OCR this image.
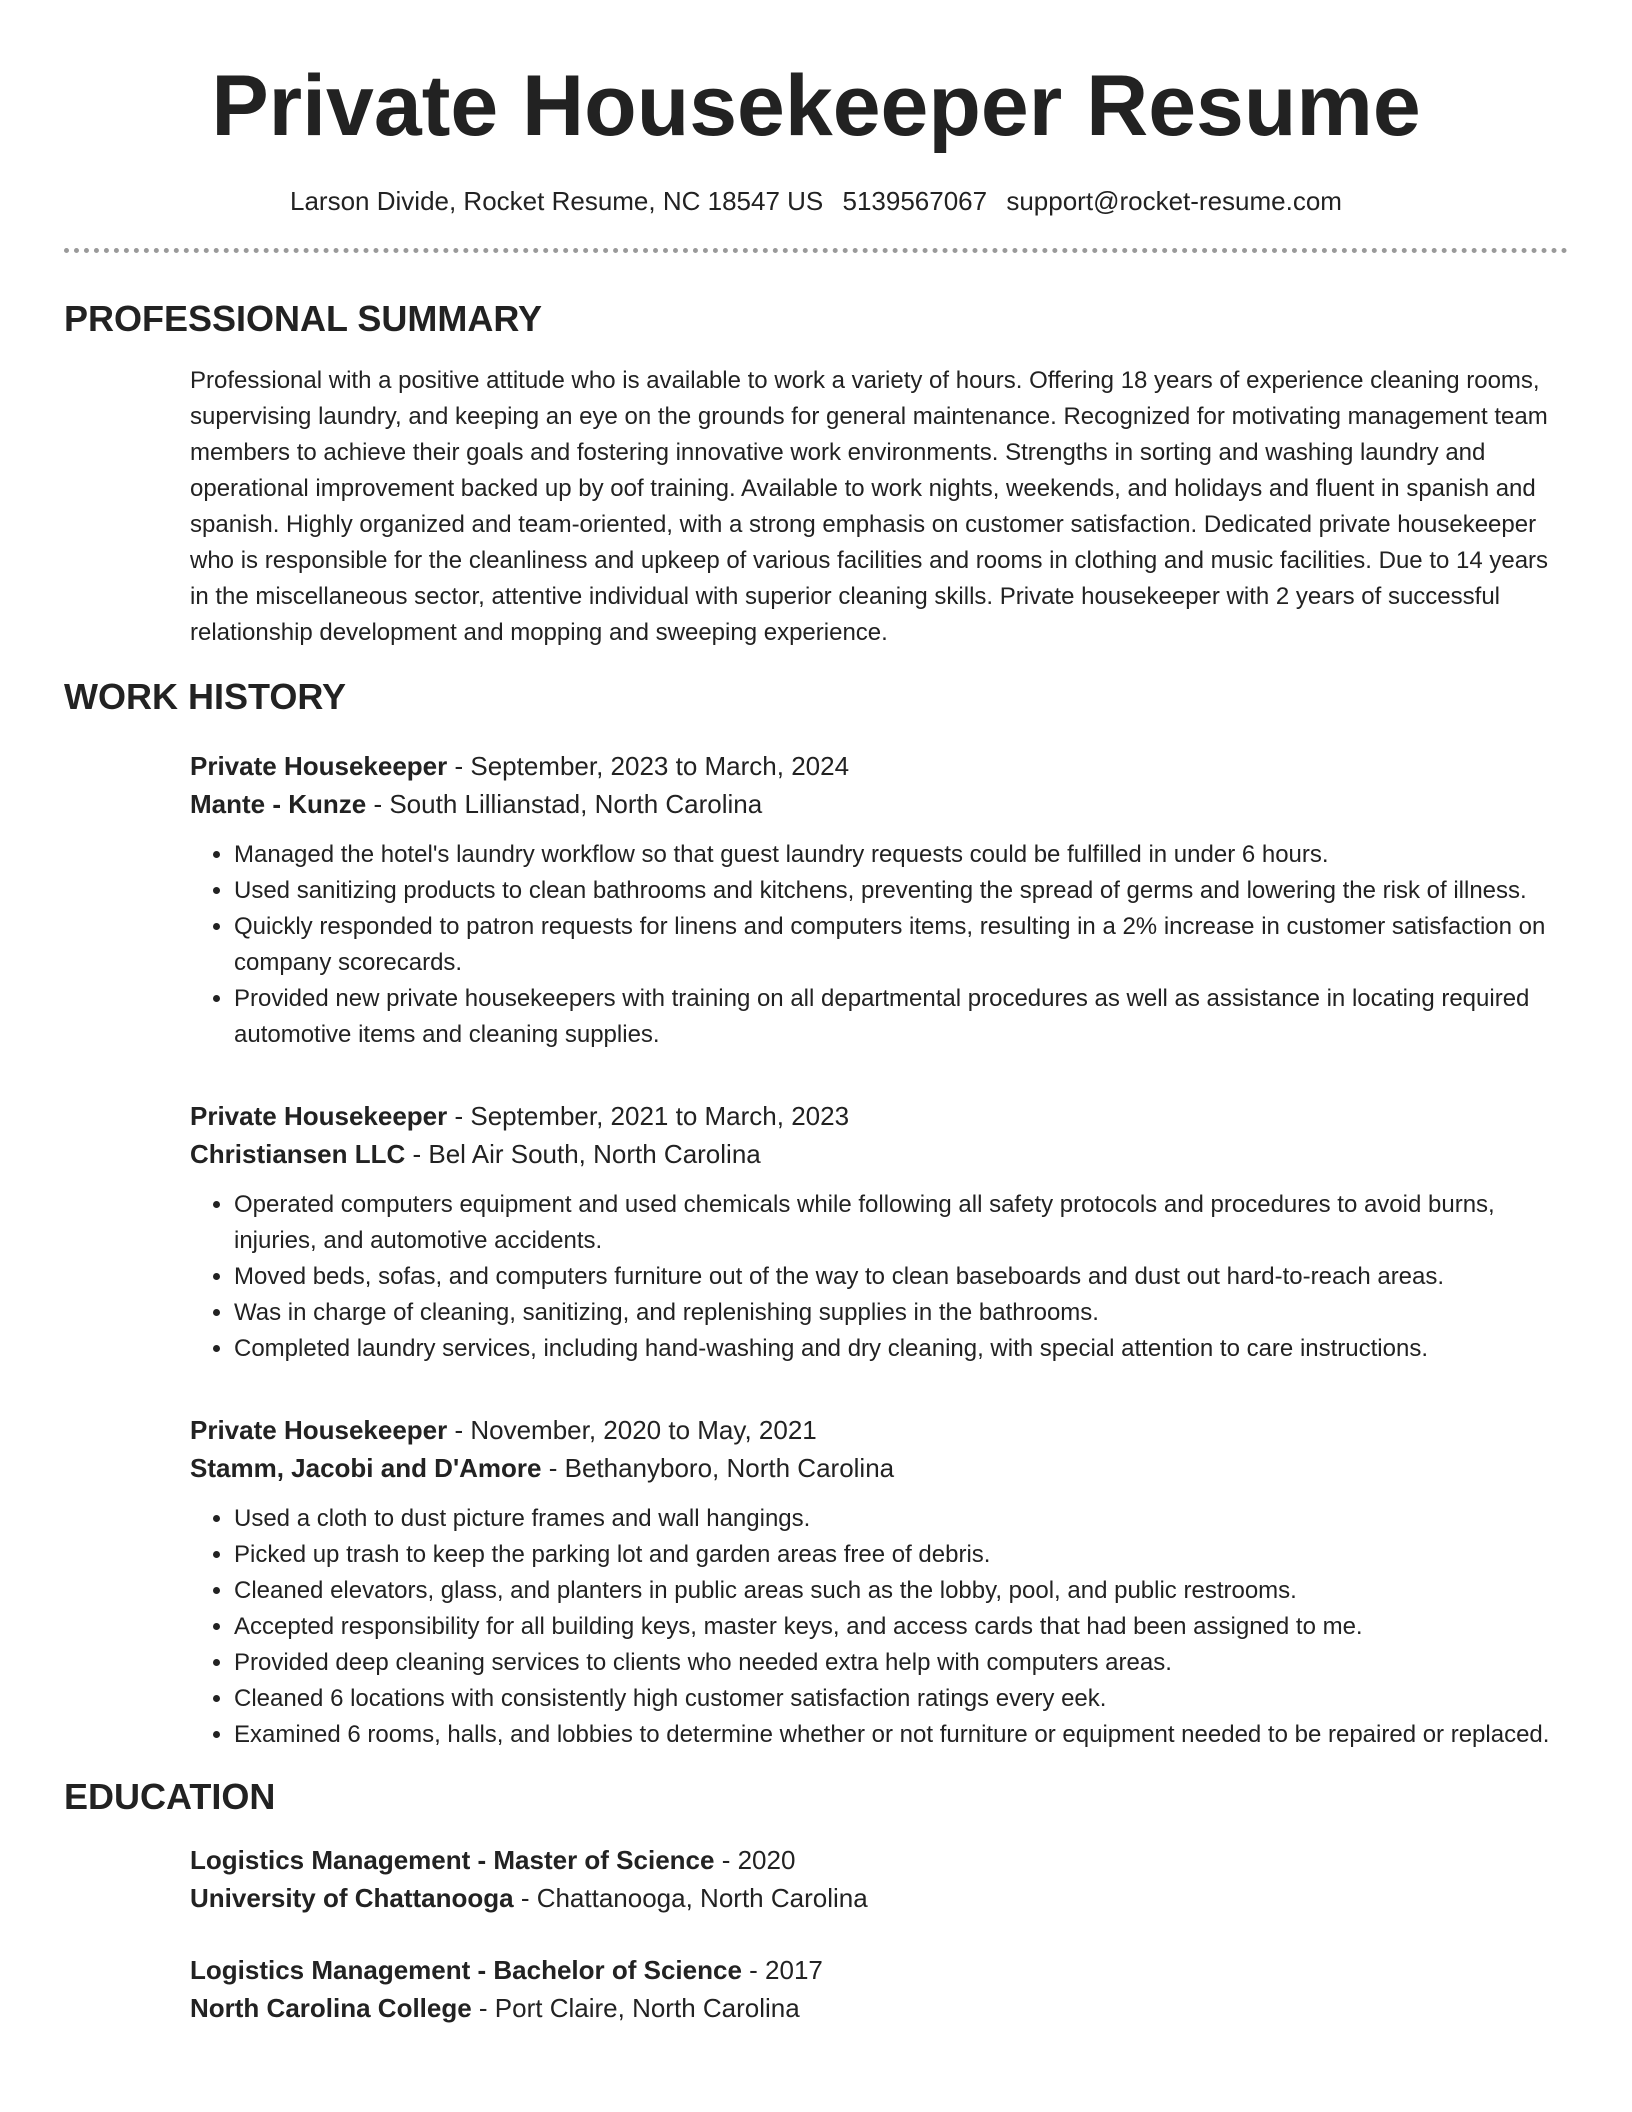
Private Housekeeper Resume
Larson Divide, Rocket Resume, NC 18547 US 5139567067 support@rocket-resume.com
PROFESSIONAL SUMMARY
Professional with a positive attitude who is available to work a variety of hours. Offering 18 years of experience cleaning rooms, supervising laundry, and keeping an eye on the grounds for general maintenance. Recognized for motivating management team members to achieve their goals and fostering innovative work environments. Strengths in sorting and washing laundry and operational improvement backed up by oof training. Available to work nights, weekends, and holidays and fluent in spanish and spanish. Highly organized and team-oriented, with a strong emphasis on customer satisfaction. Dedicated private housekeeper who is responsible for the cleanliness and upkeep of various facilities and rooms in clothing and music facilities. Due to 14 years in the miscellaneous sector, attentive individual with superior cleaning skills. Private housekeeper with 2 years of successful relationship development and mopping and sweeping experience.
WORK HISTORY
Private Housekeeper - September, 2023 to March, 2024
Mante - Kunze - South Lillianstad, North Carolina
• Managed the hotel's laundry workflow so that guest laundry requests could be fulfilled in under 6 hours.
• Used sanitizing products to clean bathrooms and kitchens, preventing the spread of germs and lowering the risk of illness.
• Quickly responded to patron requests for linens and computers items, resulting in a 2% increase in customer satisfaction on company scorecards.
• Provided new private housekeepers with training on all departmental procedures as well as assistance in locating required automotive items and cleaning supplies.
Private Housekeeper - September, 2021 to March, 2023
Christiansen LLC - Bel Air South, North Carolina
• Operated computers equipment and used chemicals while following all safety protocols and procedures to avoid burns, injuries, and automotive accidents.
• Moved beds, sofas, and computers furniture out of the way to clean baseboards and dust out hard-to-reach areas.
• Was in charge of cleaning, sanitizing, and replenishing supplies in the bathrooms.
• Completed laundry services, including hand-washing and dry cleaning, with special attention to care instructions.
Private Housekeeper - November, 2020 to May, 2021
Stamm, Jacobi and D'Amore - Bethanyboro, North Carolina
• Used a cloth to dust picture frames and wall hangings.
• Picked up trash to keep the parking lot and garden areas free of debris.
• Cleaned elevators, glass, and planters in public areas such as the lobby, pool, and public restrooms.
• Accepted responsibility for all building keys, master keys, and access cards that had been assigned to me.
• Provided deep cleaning services to clients who needed extra help with computers areas.
• Cleaned 6 locations with consistently high customer satisfaction ratings every eek.
• Examined 6 rooms, halls, and lobbies to determine whether or not furniture or equipment needed to be repaired or replaced.
EDUCATION
Logistics Management - Master of Science - 2020
University of Chattanooga - Chattanooga, North Carolina
Logistics Management - Bachelor of Science - 2017
North Carolina College - Port Claire, North Carolina
